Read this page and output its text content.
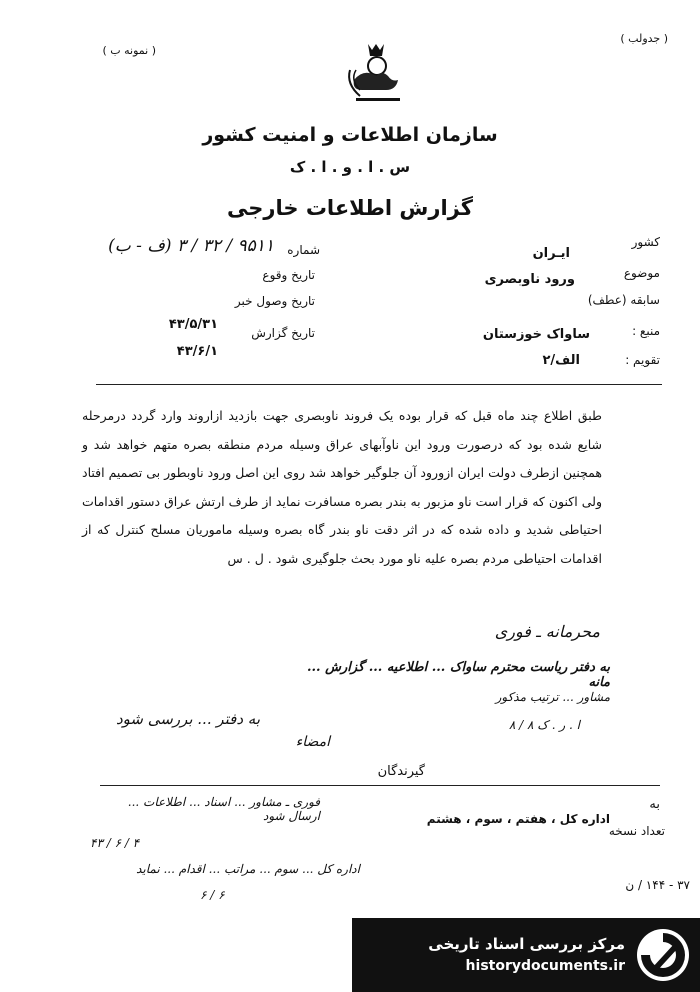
( جدولب )
( نمونه ب )
سازمان اطلاعات و امنیت کشور
س . ا . و . ا . ک
گزارش اطلاعات خارجی
کشور
ایـران
موضوع
ورود ناوبصرى
سابقه (عطف)
منبع :
ساواک خوزستان
تقویم :
الف/۲
شماره
۹۵۱۱ / ۳۲ / ۳ (ف - ب)
تاریخ وقوع
تاریخ وصول خبر
۴۳/۵/۳۱
تاریخ گزارش
۴۳/۶/۱
طبق اطلاع چند ماه قبل که قرار بوده یک فروند ناوبصری جهت بازدید ازاروند وارد گردد درمرحله شایع شده بود که درصورت ورود این ناوآبهای عراق وسیله مردم منطقه بصره متهم خواهد شد و همچنین ازطرف دولت ایران ازورود آن جلوگیر خواهد شد روی این اصل ورود ناوبطور بی تصمیم افتاد ولی اکنون که قرار است ناو مزبور به بندر بصره مسافرت نماید از طرف ارتش عراق دستور اقدامات احتیاطی شدید و داده شده که در اثر دقت ناو بندر گاه بصره وسیله ماموریان مسلح کنترل که از اقدامات احتیاطی مردم بصره علیه ناو مورد بحث جلوگیری شود . ل . س
محرمانه ـ فوری
به دفتر ریاست محترم ساواک ... اطلاعیه ... گزارش ... مانه
مشاور ... ترتیب مذکور
ا . ر . ک ۸ / ۸
به دفتر ... بررسی شود
امضاء
گیرندگان
به
فوری ـ مشاور ... اسناد ... اطلاعات ... ارسال شود	اداره کل ، هفتم ، سوم ، هشتم
تعداد نسخه
۴۳ / ۶ / ۴
اداره کل ... سوم ... مراتب ... اقدام ... نماید
۶ / ۶
۳۷ - ۱۴۴ / ن
مرکز بررسی اسناد تاریخی
historydocuments.ir
